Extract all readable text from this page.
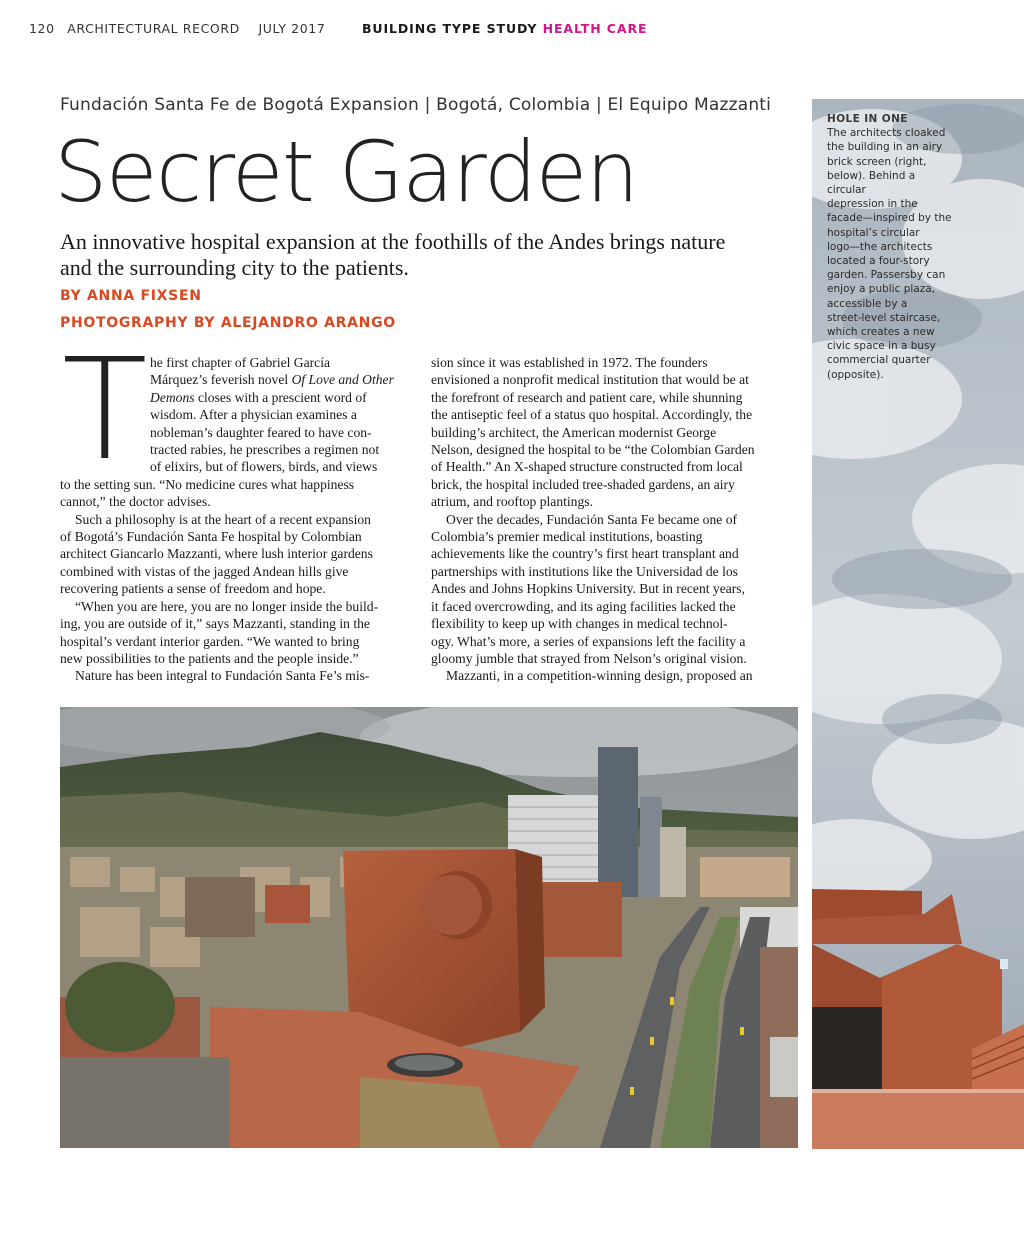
120 ARCHITECTURAL RECORD JULY 2017	BUILDING TYPE STUDY HEALTH CARE
Fundación Santa Fe de Bogotá Expansion | Bogotá, Colombia | El Equipo Mazzanti
Secret Garden
An innovative hospital expansion at the foothills of the Andes brings nature and the surrounding city to the patients.
BY ANNA FIXSEN
PHOTOGRAPHY BY ALEJANDRO ARANGO
T he first chapter of Gabriel García
Márquez’s feverish novel Of Love and Other
Demons closes with a prescient word of
wisdom. After a physician examines a
nobleman’s daughter feared to have con-
tracted rabies, he prescribes a regimen not
of elixirs, but of flowers, birds, and views
to the setting sun. “No medicine cures what happiness
cannot,” the doctor advises.
Such a philosophy is at the heart of a recent expansion
of Bogotá’s Fundación Santa Fe hospital by Colombian
architect Giancarlo Mazzanti, where lush interior gardens
combined with vistas of the jagged Andean hills give
recovering patients a sense of freedom and hope.
“When you are here, you are no longer inside the build-
ing, you are outside of it,” says Mazzanti, standing in the
hospital’s verdant interior garden. “We wanted to bring
new possibilities to the patients and the people inside.”
Nature has been integral to Fundación Santa Fe’s mis-
sion since it was established in 1972. The founders
envisioned a nonprofit medical institution that would be at
the forefront of research and patient care, while shunning
the antiseptic feel of a status quo hospital. Accordingly, the
building’s architect, the American modernist George
Nelson, designed the hospital to be “the Colombian Garden
of Health.” An X-shaped structure constructed from local
brick, the hospital included tree-shaded gardens, an airy
atrium, and rooftop plantings.
Over the decades, Fundación Santa Fe became one of
Colombia’s premier medical institutions, boasting
achievements like the country’s first heart transplant and
partnerships with institutions like the Universidad de los
Andes and Johns Hopkins University. But in recent years,
it faced overcrowding, and its aging facilities lacked the
flexibility to keep up with changes in medical technol-
ogy. What’s more, a series of expansions left the facility a
gloomy jumble that strayed from Nelson’s original vision.
Mazzanti, in a competition-winning design, proposed an
HOLE IN ONE
The architects cloaked
the building in an airy
brick screen (right,
below). Behind a circular
depression in the
facade—inspired by the
hospital’s circular
logo—the architects
located a four-story
garden. Passersby can
enjoy a public plaza,
accessible by a
street-level staircase,
which creates a new
civic space in a busy
commercial quarter
(opposite).
